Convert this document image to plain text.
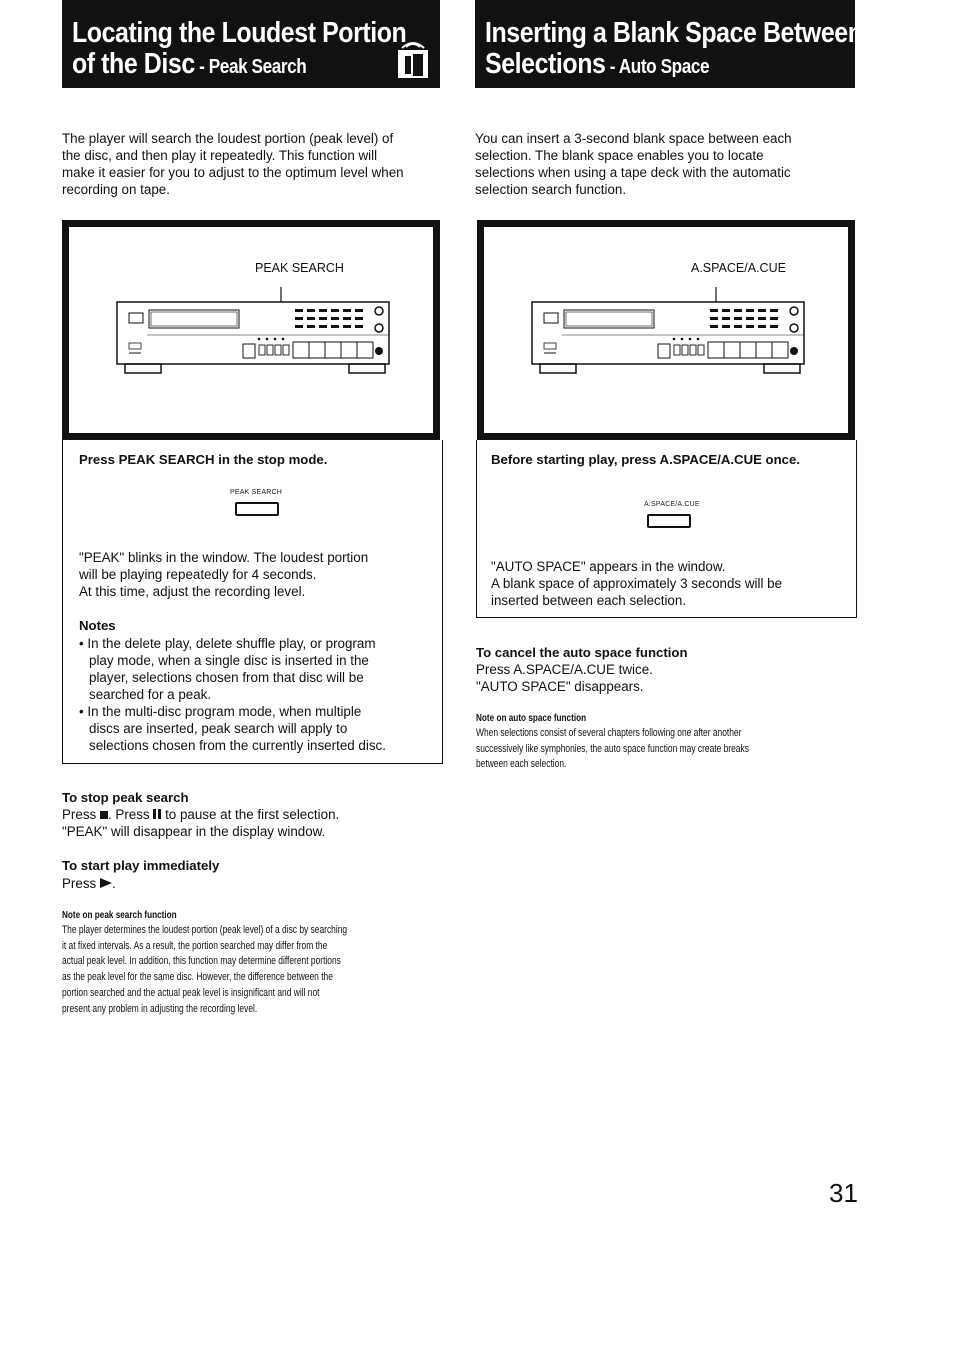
Locating the Loudest Portion
of the Disc - Peak Search
Inserting a Blank Space Between
Selections - Auto Space
The player will search the loudest portion (peak level) of
the disc, and then play it repeatedly. This function will
make it easier for you to adjust to the optimum level when
recording on tape.
You can insert a 3-second blank space between each
selection. The blank space enables you to locate
selections when using a tape deck with the automatic
selection search function.
PEAK SEARCH	A.SPACE/A.CUE
Press PEAK SEARCH in the stop mode.
PEAK SEARCH
"PEAK" blinks in the window. The loudest portion
will be playing repeatedly for 4 seconds.
At this time, adjust the recording level.
Notes
• In the delete play, delete shuffle play, or program
play mode, when a single disc is inserted in the
player, selections chosen from that disc will be
searched for a peak.
• In the multi-disc program mode, when multiple
discs are inserted, peak search will apply to
selections chosen from the currently inserted disc.
Before starting play, press A.SPACE/A.CUE once.
A.SPACE/A.CUE
"AUTO SPACE" appears in the window.
A blank space of approximately 3 seconds will be
inserted between each selection.
To stop peak search
Press . Press  to pause at the first selection.
"PEAK" will disappear in the display window.
To start play immediately
Press .
Note on peak search function
The player determines the loudest portion (peak level) of a disc by searching
it at fixed intervals. As a result, the portion searched may differ from the
actual peak level. In addition, this function may determine different portions
as the peak level for the same disc. However, the difference between the
portion searched and the actual peak level is insignificant and will not
present any problem in adjusting the recording level.
To cancel the auto space function
Press A.SPACE/A.CUE twice.
"AUTO SPACE" disappears.
Note on auto space function
When selections consist of several chapters following one after another
successively like symphonies, the auto space function may create breaks
between each selection.
31
